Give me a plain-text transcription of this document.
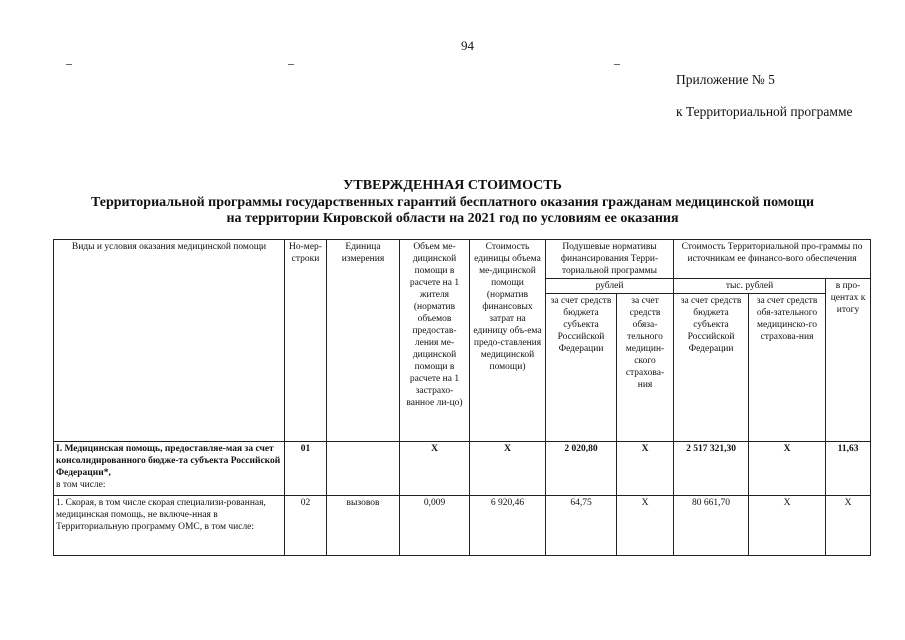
94
Приложение № 5
к Территориальной программе
УТВЕРЖДЕННАЯ СТОИМОСТЬ
Территориальной программы государственных гарантий бесплатного оказания гражданам медицинской помощи
на территории Кировской области на 2021 год по условиям ее оказания
Виды и условия оказания медицинской помощи	Но-мер-строки	Единица измерения	Объем ме-дицинской помощи в расчете на 1 жителя (норматив объемов предостав-ления ме-дицинской помощи в расчете на 1 застрахо-ванное ли-цо)	Стоимость единицы объема ме-дицинской помощи (норматив финансовых затрат на единицу объ-ема предо-ставления медицинской помощи)	Подушевые нормативы финансирования Терри-ториальной программы		Стоимость Территориальной про-граммы по источникам ее финансо-вого обеспечения		
					рублей		тыс. рублей		в про-центах к итогу
					за счет средств бюджета субъекта Российской Федерации	за счет средств обяза-тельного медицин-ского страхова-ния	за счет средств бюджета субъекта Российской Федерации	за счет средств обя-зательного медицинско-го страхова-ния	
I. Медицинская помощь, предоставляе-мая за счет консолидированного бюдже-та субъекта Российской Федерации*,
в том числе:	01		X	X	2 020,80	X	2 517 321,30	X	11,63
1. Скорая, в том числе скорая специализи-рованная, медицинская помощь, не включе-нная в Территориальную программу ОМС, в том числе:	02	вызовов	0,009	6 920,46	64,75	X	80 661,70	X	X
